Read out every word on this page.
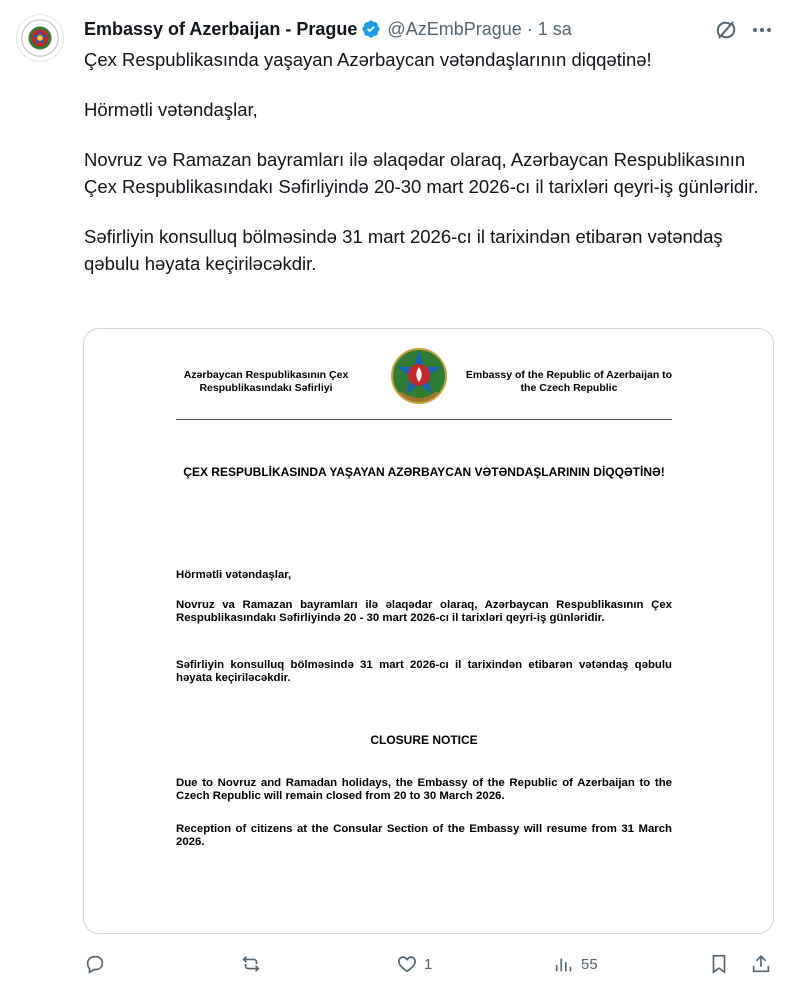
Embassy of Azerbaijan - Prague @AzEmbPrague · 1 sa

Çex Respublikasında yaşayan Azərbaycan vətəndaşlarının diqqətinə!

Hörmətli vətəndaşlar,

Novruz və Ramazan bayramları ilə əlaqədar olaraq, Azərbaycan Respublikasının Çex Respublikasındakı Səfirliyində 20-30 mart 2026-cı il tarixləri qeyri-iş günləridir.

Səfirliyin konsulluq bölməsində 31 mart 2026-cı il tarixindən etibarən vətəndaş qəbulu həyata keçiriləcəkdir.

Azərbaycan Respublikasının Çex Respublikasındakı Səfirliyi
Embassy of the Republic of Azerbaijan to the Czech Republic
ÇEX RESPUBLİKASINDA YAŞAYAN AZƏRBAYCAN VƏTƏNDAŞLARININ DİQQƏTİNƏ!
Hörmətli vətəndaşlar,
Novruz va Ramazan bayramları ilə əlaqədar olaraq, Azərbaycan Respublikasının Çex Respublikasındakı Səfirliyində 20 - 30 mart 2026-cı il tarixləri qeyri-iş günləridir.
Səfirliyin konsulluq bölməsində 31 mart 2026-cı il tarixindən etibarən vətəndaş qəbulu həyata keçiriləcəkdir.
CLOSURE NOTICE
Due to Novruz and Ramadan holidays, the Embassy of the Republic of Azerbaijan to the Czech Republic will remain closed from 20 to 30 March 2026.
Reception of citizens at the Consular Section of the Embassy will resume from 31 March 2026.
1	55
